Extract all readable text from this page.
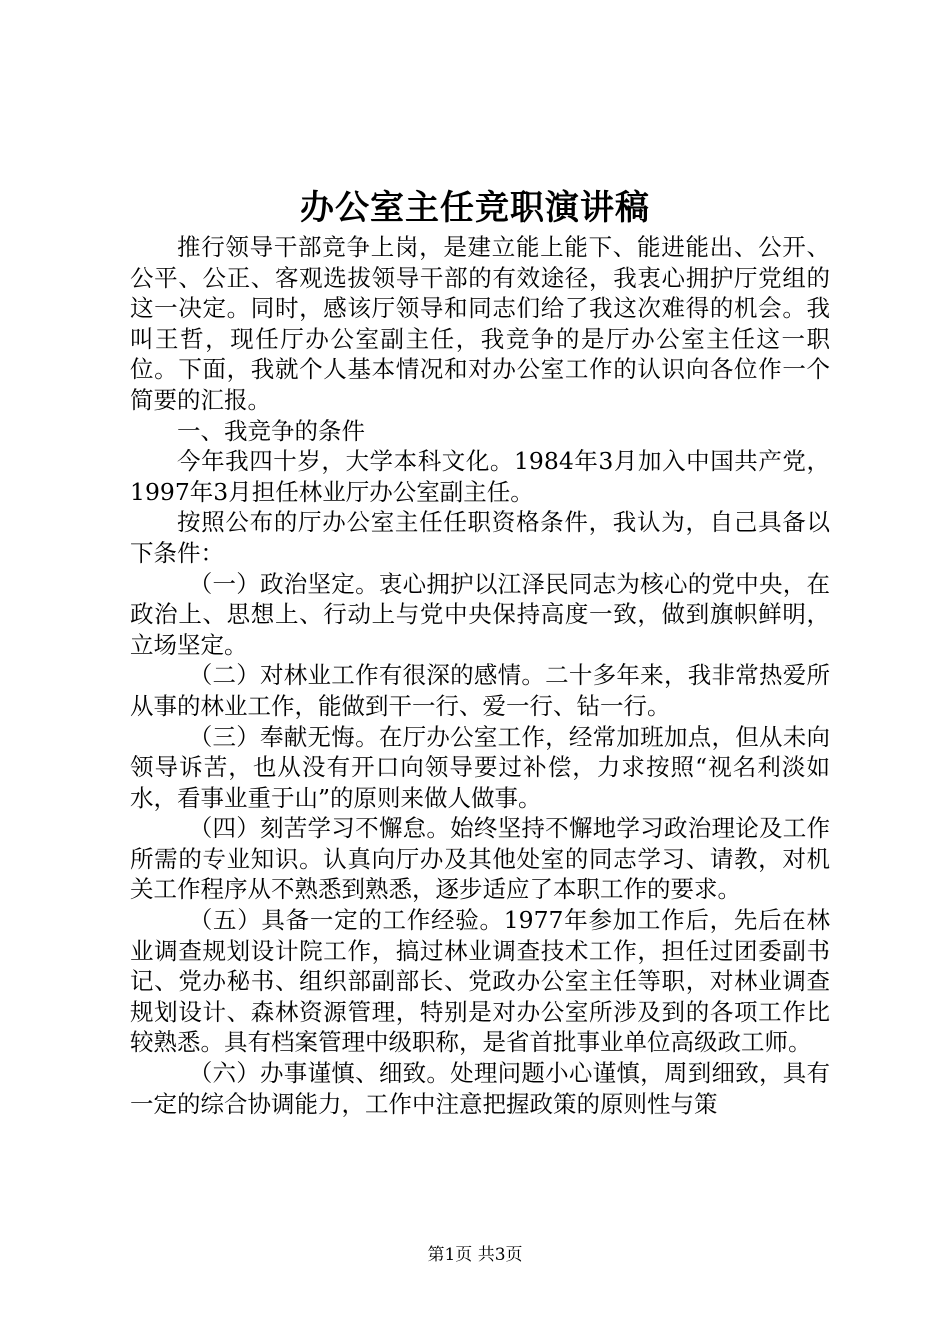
办公室主任竞职演讲稿

推行领导干部竞争上岗，是建立能上能下、能进能出、公开、公平、公正、客观选拔领导干部的有效途径，我衷心拥护厅党组的这一决定。同时，感该厅领导和同志们给了我这次难得的机会。我叫王哲，现任厅办公室副主任，我竞争的是厅办公室主任这一职位。下面，我就个人基本情况和对办公室工作的认识向各位作一个简要的汇报。

一、我竞争的条件

今年我四十岁，大学本科文化。1984年3月加入中国共产党，1997年3月担任林业厅办公室副主任。

按照公布的厅办公室主任任职资格条件，我认为，自己具备以下条件：

（一）政治坚定。衷心拥护以江泽民同志为核心的党中央，在政治上、思想上、行动上与党中央保持高度一致，做到旗帜鲜明，立场坚定。

（二）对林业工作有很深的感情。二十多年来，我非常热爱所从事的林业工作，能做到干一行、爱一行、钻一行。

（三）奉献无悔。在厅办公室工作，经常加班加点，但从未向领导诉苦，也从没有开口向领导要过补偿，力求按照“视名利淡如水，看事业重于山”的原则来做人做事。

（四）刻苦学习不懈怠。始终坚持不懈地学习政治理论及工作所需的专业知识。认真向厅办及其他处室的同志学习、请教，对机关工作程序从不熟悉到熟悉，逐步适应了本职工作的要求。

（五）具备一定的工作经验。1977年参加工作后，先后在林业调查规划设计院工作，搞过林业调查技术工作，担任过团委副书记、党办秘书、组织部副部长、党政办公室主任等职，对林业调查规划设计、森林资源管理，特别是对办公室所涉及到的各项工作比较熟悉。具有档案管理中级职称，是省首批事业单位高级政工师。

（六）办事谨慎、细致。处理问题小心谨慎，周到细致，具有一定的综合协调能力，工作中注意把握政策的原则性与策

第1页 共3页
